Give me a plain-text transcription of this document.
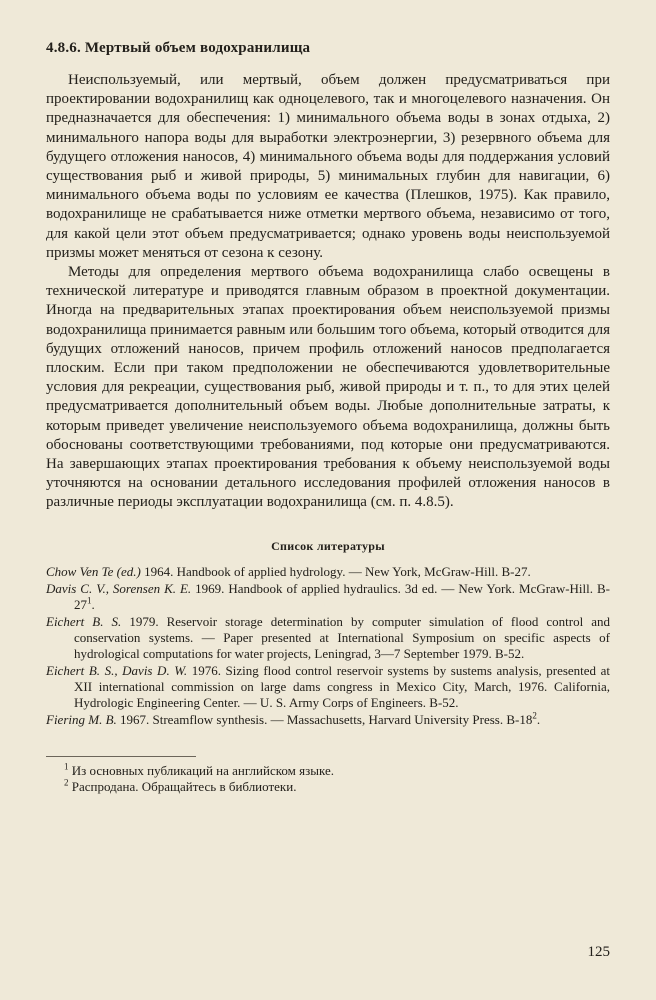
4.8.6. Мертвый объем водохранилища

Неиспользуемый, или мертвый, объем должен предусматриваться при проектировании водохранилищ как одноцелевого, так и многоцелевого назначения. Он предназначается для обеспечения: 1) минимального объема воды в зонах отдыха, 2) минимального напора воды для выработки электроэнергии, 3) резервного объема для будущего отложения наносов, 4) минимального объема воды для поддержания условий существования рыб и живой природы, 5) минимальных глубин для навигации, 6) минимального объема воды по условиям ее качества (Плешков, 1975). Как правило, водохранилище не срабатывается ниже отметки мертвого объема, независимо от того, для какой цели этот объем предусматривается; однако уровень воды неиспользуемой призмы может меняться от сезона к сезону.

Методы для определения мертвого объема водохранилища слабо освещены в технической литературе и приводятся главным образом в проектной документации. Иногда на предварительных этапах проектирования объем неиспользуемой призмы водохранилища принимается равным или большим того объема, который отводится для будущих отложений наносов, причем профиль отложений наносов предполагается плоским. Если при таком предположении не обеспечиваются удовлетворительные условия для рекреации, существования рыб, живой природы и т. п., то для этих целей предусматривается дополнительный объем воды. Любые дополнительные затраты, к которым приведет увеличение неиспользуемого объема водохранилища, должны быть обоснованы соответствующими требованиями, под которые они предусматриваются. На завершающих этапах проектирования требования к объему неиспользуемой воды уточняются на основании детального исследования профилей отложения наносов в различные периоды эксплуатации водохранилища (см. п. 4.8.5).

Список литературы
Chow Ven Te (ed.) 1964. Handbook of applied hydrology. — New York, McGraw-Hill. B-27.
Davis C. V., Sorensen K. E. 1969. Handbook of applied hydraulics. 3d ed. — New York. McGraw-Hill. $B-27^1$.
Eichert B. S. 1979. Reservoir storage determination by computer simulation of flood control and conservation systems. — Paper presented at International Symposium on specific aspects of hydrological computations for water projects, Leningrad, 3—7 September 1979. B-52.
Eichert B. S., Davis D. W. 1976. Sizing flood control reservoir systems by sustems analysis, presented at XII international commission on large dams congress in Mexico City, March, 1976. California, Hydrologic Engineering Center. — U. S. Army Corps of Engineers. B-52.
Fiering M. B. 1967. Streamflow synthesis. — Massachusetts, Harvard University Press. $B-18^2$.
$^1$ Из основных публикаций на английском языке.
$^2$ Распродана. Обращайтесь в библиотеки.
125
